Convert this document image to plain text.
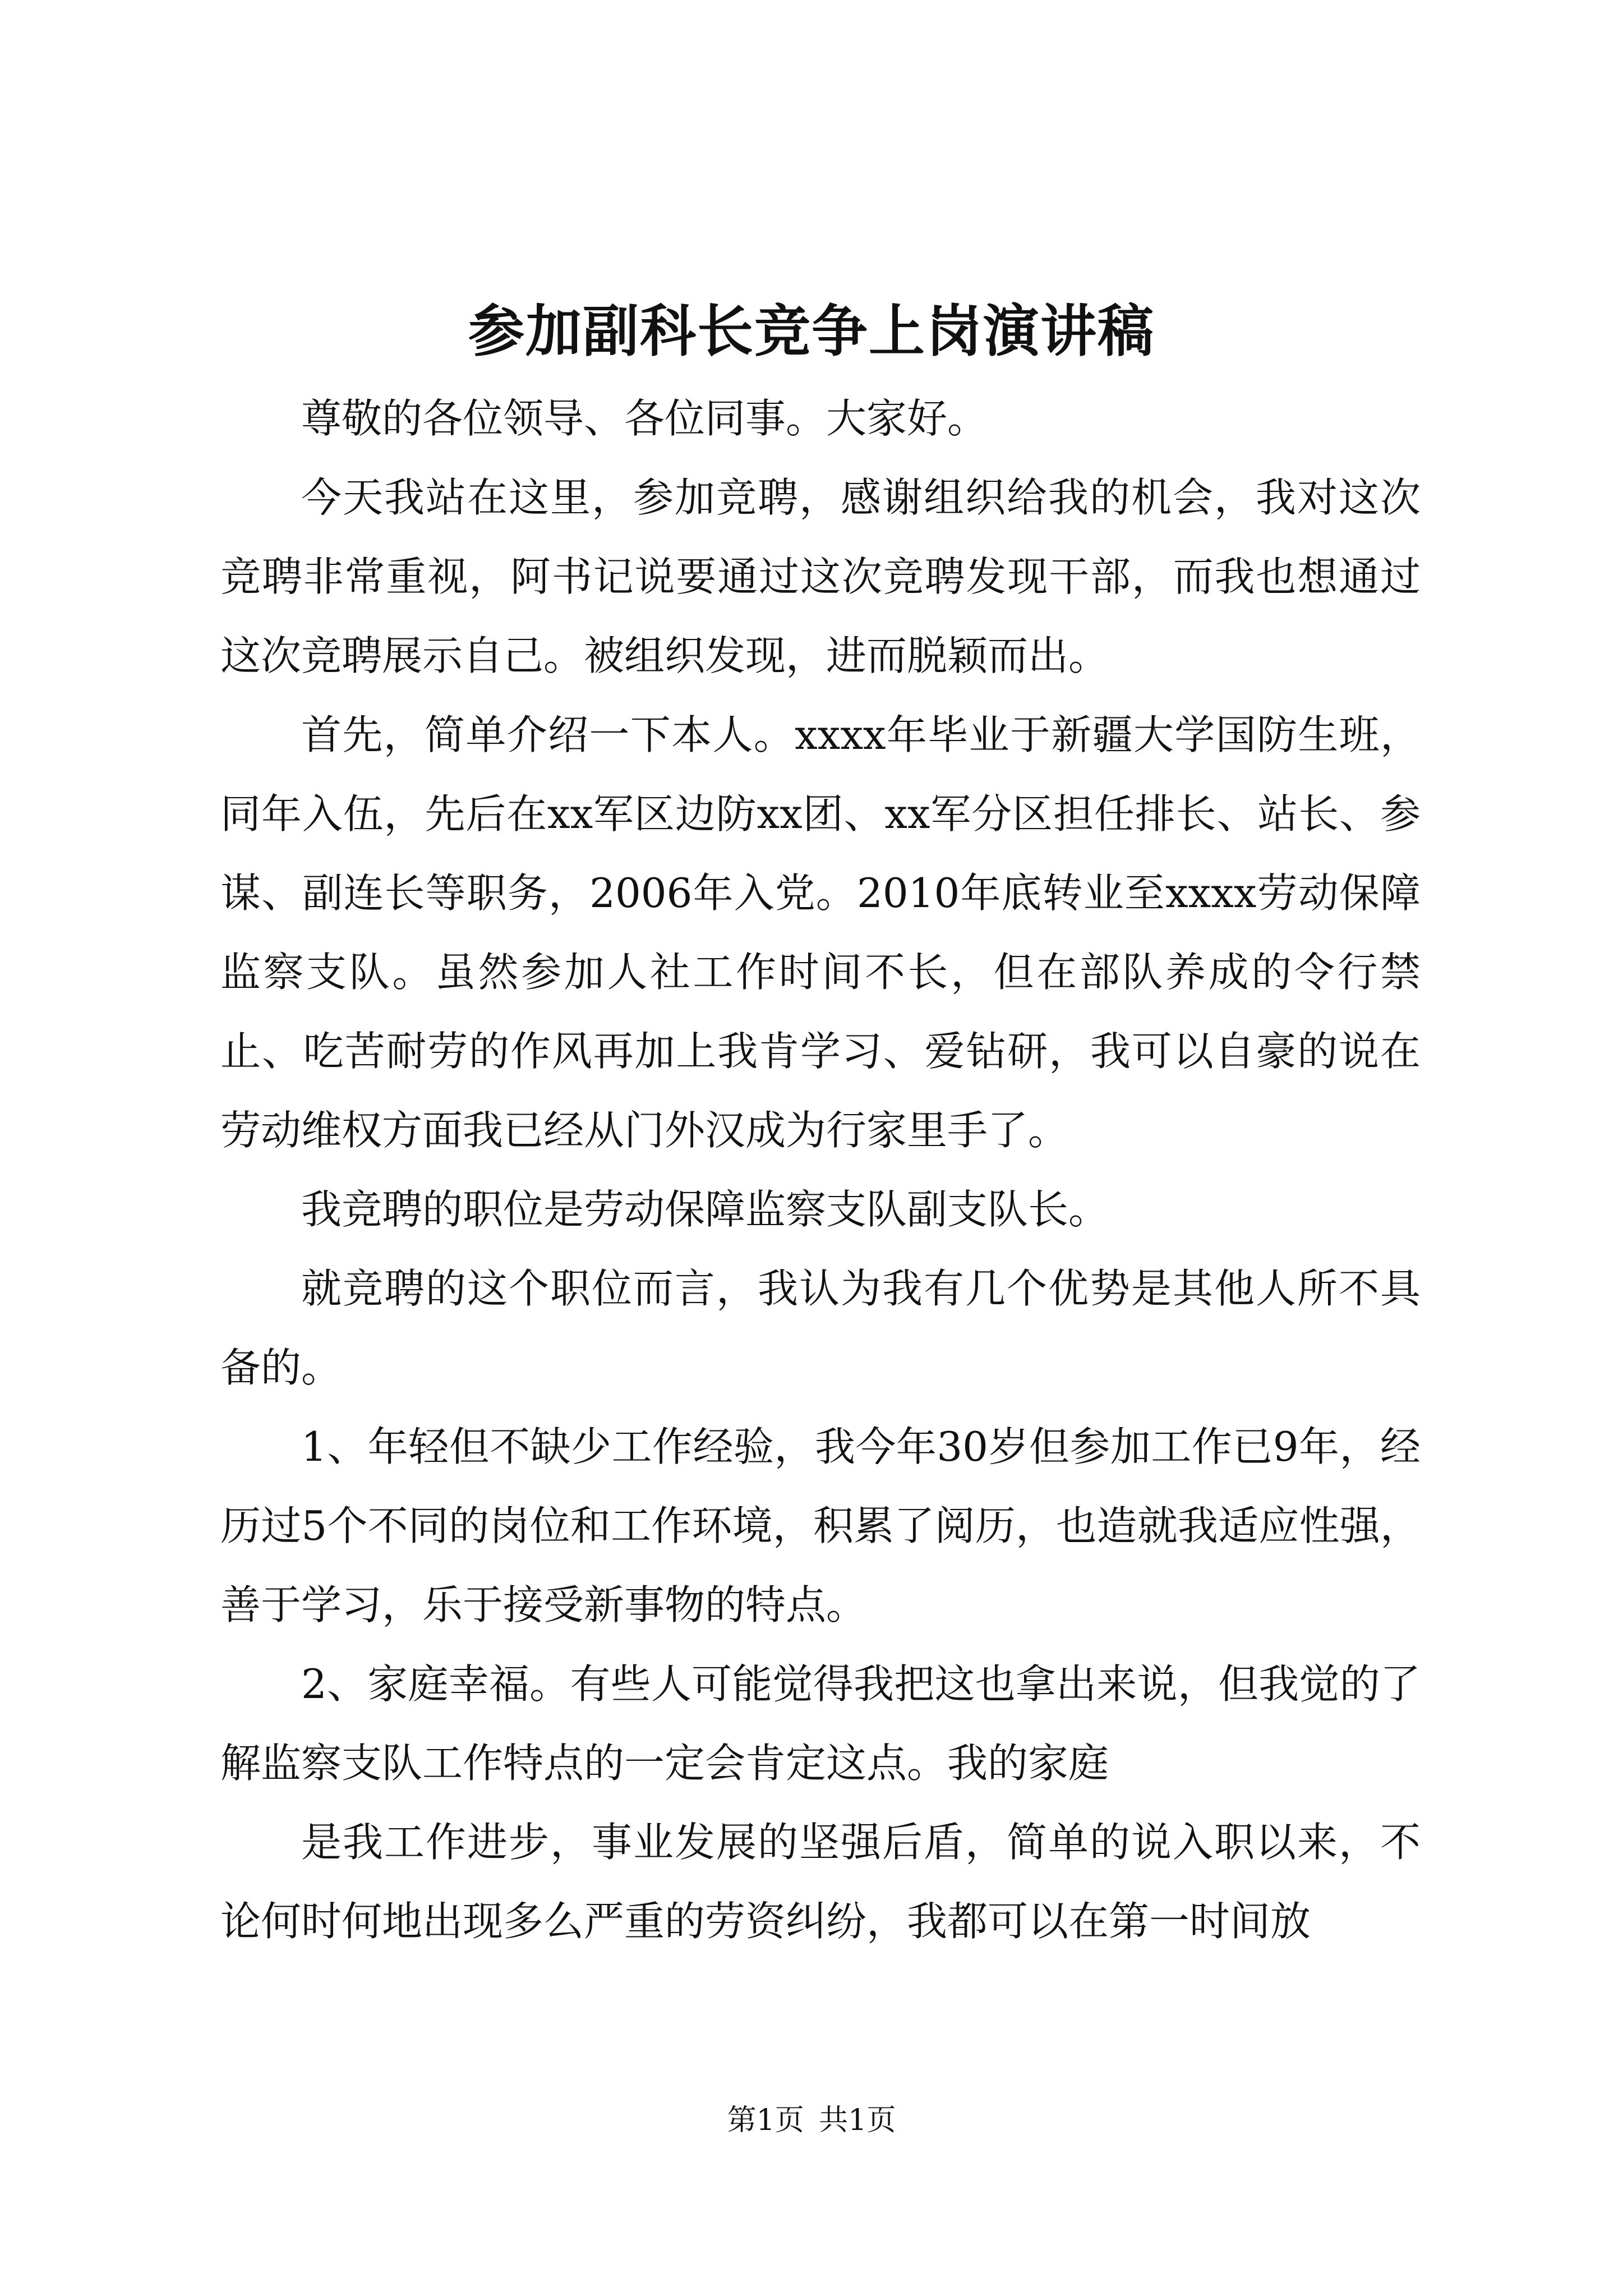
参加副科长竞争上岗演讲稿

尊敬的各位领导、各位同事。大家好。

今天我站在这里，参加竞聘，感谢组织给我的机会，我对这次竞聘非常重视，阿书记说要通过这次竞聘发现干部，而我也想通过这次竞聘展示自己。被组织发现，进而脱颖而出。

首先，简单介绍一下本人。xxxx年毕业于新疆大学国防生班，同年入伍，先后在xx军区边防xx团、xx军分区担任排长、站长、参谋、副连长等职务，2006年入党。2010年底转业至xxxx劳动保障监察支队。虽然参加人社工作时间不长，但在部队养成的令行禁止、吃苦耐劳的作风再加上我肯学习、爱钻研，我可以自豪的说在劳动维权方面我已经从门外汉成为行家里手了。

我竞聘的职位是劳动保障监察支队副支队长。

就竞聘的这个职位而言，我认为我有几个优势是其他人所不具备的。

1、年轻但不缺少工作经验，我今年30岁但参加工作已9年，经历过5个不同的岗位和工作环境，积累了阅历，也造就我适应性强，善于学习，乐于接受新事物的特点。

2、家庭幸福。有些人可能觉得我把这也拿出来说，但我觉的了解监察支队工作特点的一定会肯定这点。我的家庭

是我工作进步，事业发展的坚强后盾，简单的说入职以来，不论何时何地出现多么严重的劳资纠纷，我都可以在第一时间放

第1页 共1页
